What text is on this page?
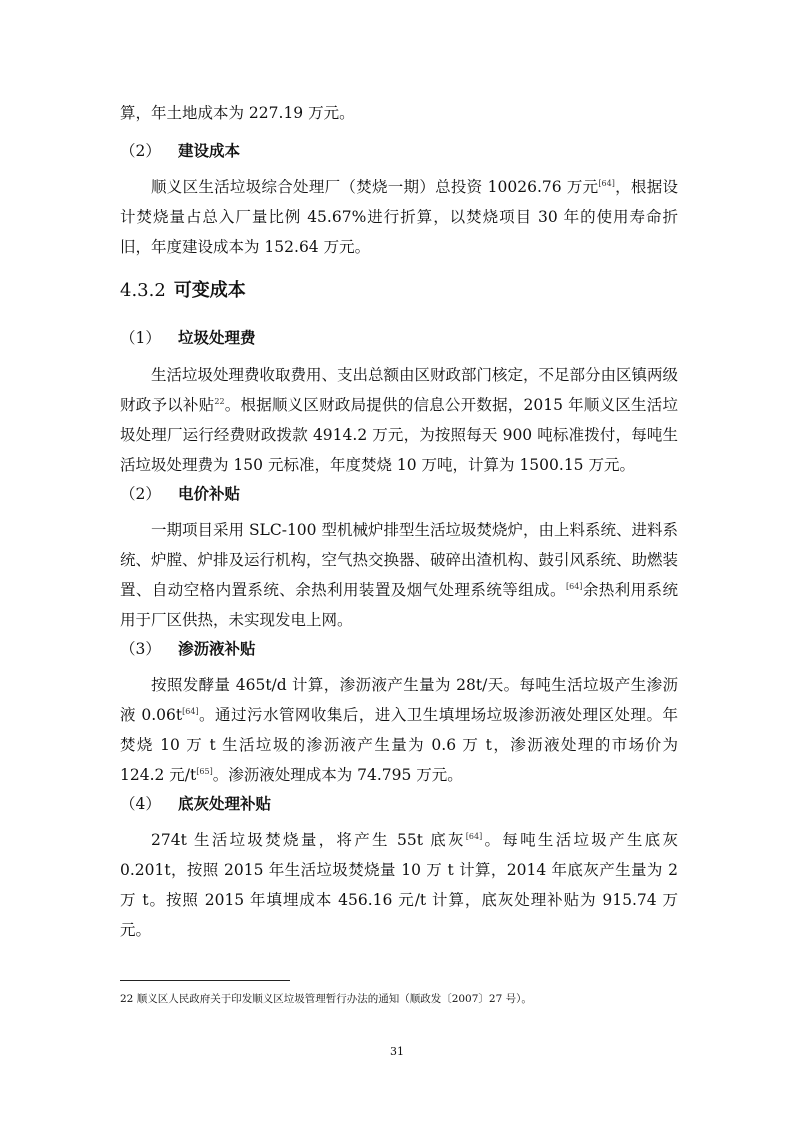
算，年土地成本为 227.19 万元。
（2） 建设成本

顺义区生活垃圾综合处理厂（焚烧一期）总投资 10026.76 万元[64]，根据设计焚烧量占总入厂量比例 45.67%进行折算，以焚烧项目 30 年的使用寿命折旧，年度建设成本为 152.64 万元。

4.3.2 可变成本
（1） 垃圾处理费

生活垃圾处理费收取费用、支出总额由区财政部门核定，不足部分由区镇两级财政予以补贴$^{22}$。根据顺义区财政局提供的信息公开数据，2015 年顺义区生活垃圾处理厂运行经费财政拨款 4914.2 万元，为按照每天 900 吨标准拨付，每吨生活垃圾处理费为 150 元标准，年度焚烧 10 万吨，计算为 1500.15 万元。

（2） 电价补贴

一期项目采用 SLC-100 型机械炉排型生活垃圾焚烧炉，由上料系统、进料系统、炉膛、炉排及运行机构，空气热交换器、破碎出渣机构、鼓引风系统、助燃装置、自动空格内置系统、余热利用装置及烟气处理系统等组成。[64]余热利用系统用于厂区供热，未实现发电上网。

（3） 渗沥液补贴

按照发酵量 465t/d 计算，渗沥液产生量为 28t/天。每吨生活垃圾产生渗沥液 0.06t[64]。通过污水管网收集后，进入卫生填埋场垃圾渗沥液处理区处理。年焚烧 10 万 t 生活垃圾的渗沥液产生量为 0.6 万 t，渗沥液处理的市场价为 124.2 元/t[65]。渗沥液处理成本为 74.795 万元。

（4） 底灰处理补贴

274t 生活垃圾焚烧量，将产生 55t 底灰[64]。每吨生活垃圾产生底灰 0.201t，按照 2015 年生活垃圾焚烧量 10 万 t 计算，2014 年底灰产生量为 2 万 t。按照 2015 年填埋成本 456.16 元/t 计算，底灰处理补贴为 915.74 万元。

22 顺义区人民政府关于印发顺义区垃圾管理暂行办法的通知（顺政发〔2007〕27 号）。
31
